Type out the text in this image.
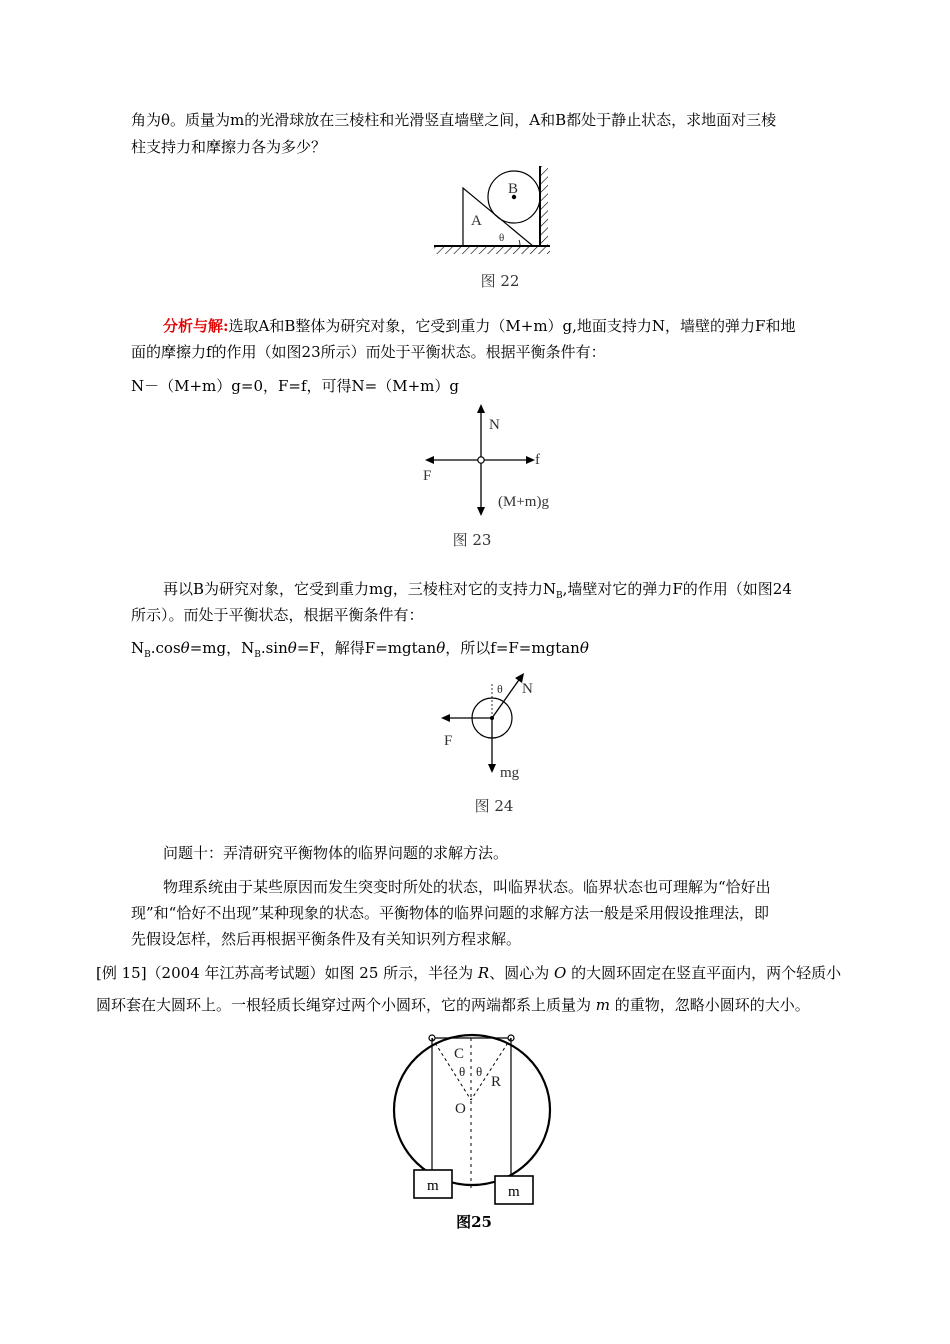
角为θ。质量为m的光滑球放在三棱柱和光滑竖直墙壁之间，A和B都处于静止状态，求地面对三棱
柱支持力和摩擦力各为多少？
B
A
θ
图 22
分析与解:选取A和B整体为研究对象，它受到重力（M+m）g,地面支持力N，墙壁的弹力F和地
面的摩擦力f的作用（如图23所示）而处于平衡状态。根据平衡条件有：
N－（M+m）g=0，F=f，可得N=（M+m）g
N
f
F
(M+m)g
图 23
再以B为研究对象，它受到重力mg，三棱柱对它的支持力$N_B$,墙壁对它的弹力F的作用（如图24
所示）。而处于平衡状态，根据平衡条件有：
$N_B.\cos\theta=mg$，$N_B.\sin\theta=F$，解得F=mgtanθ，所以f=F=mgtanθ
θ N
F
mg
图 24
问题十：弄清研究平衡物体的临界问题的求解方法。
物理系统由于某些原因而发生突变时所处的状态，叫临界状态。临界状态也可理解为“恰好出
现”和“恰好不出现”某种现象的状态。平衡物体的临界问题的求解方法一般是采用假设推理法，即
先假设怎样，然后再根据平衡条件及有关知识列方程求解。
[例 15]（2004 年江苏高考试题）如图 25 所示，半径为 R、圆心为 O 的大圆环固定在竖直平面内，两个轻质小
圆环套在大圆环上。一根轻质长绳穿过两个小圆环，它的两端都系上质量为 m 的重物，忽略小圆环的大小。
C
θ θ
R
O
m	m
图25
